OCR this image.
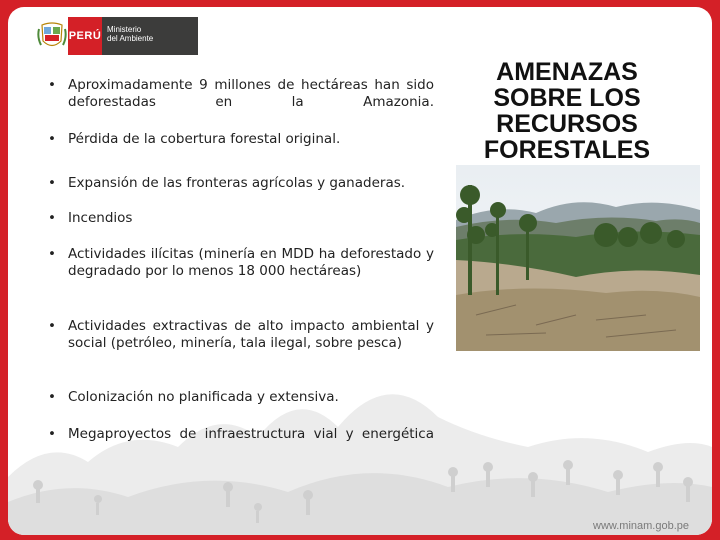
PERÚ
Ministerio
del Ambiente
AMENAZAS
SOBRE LOS
RECURSOS
FORESTALES
• Aproximadamente 9 millones de hectáreas han sido deforestadas en la Amazonia.
• Pérdida de la cobertura forestal original.
• Expansión de las fronteras agrícolas y ganaderas.
• Incendios
• Actividades ilícitas (minería en MDD ha deforestado y degradado por lo menos 18 000 hectáreas)
• Actividades extractivas de alto impacto ambiental y social (petróleo, minería, tala ilegal, sobre pesca)
• Colonización no planificada y extensiva.
• Megaproyectos de infraestructura vial y energética
www.minam.gob.pe
